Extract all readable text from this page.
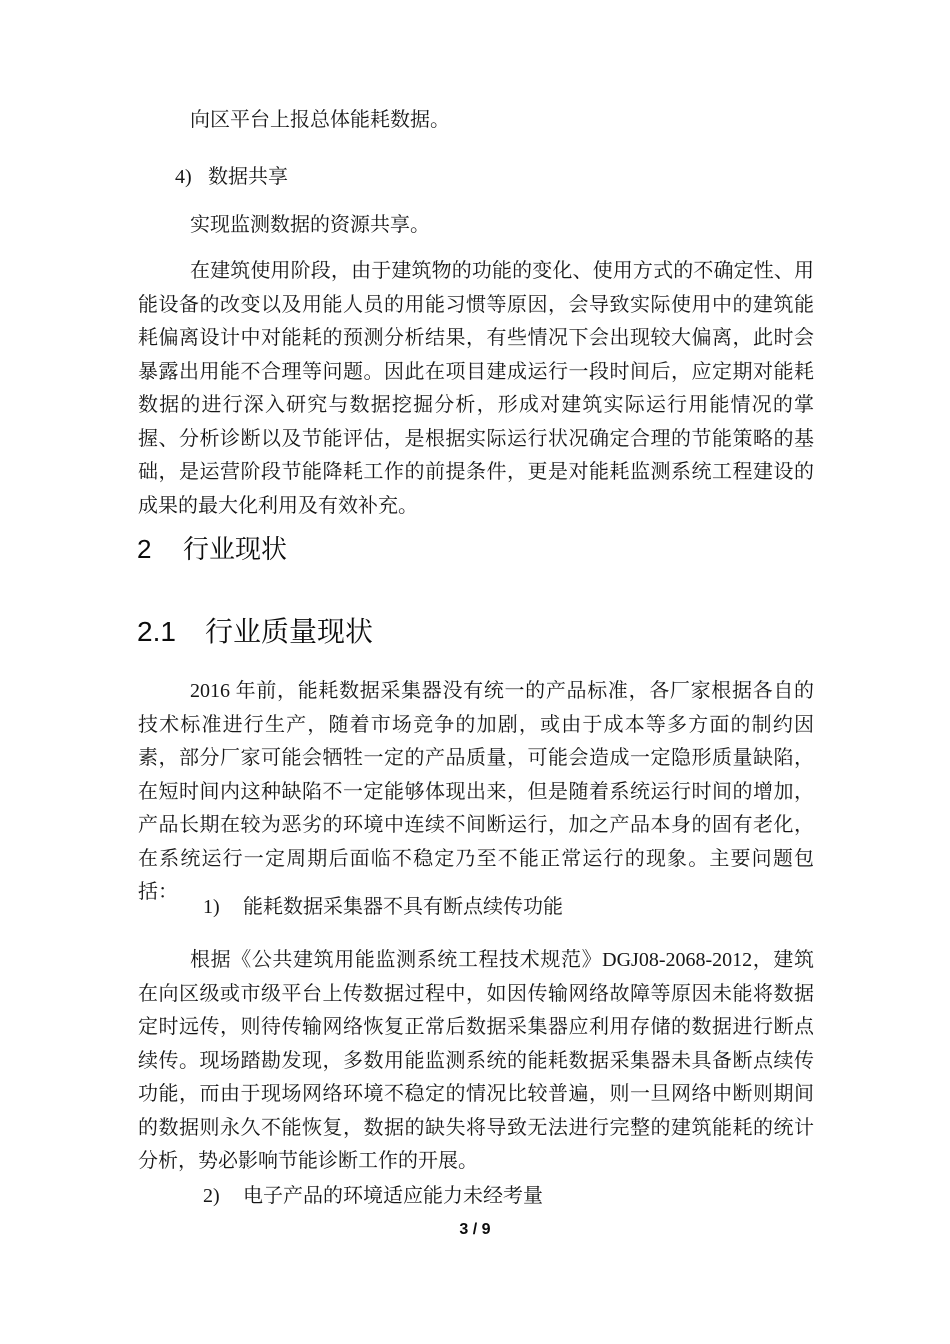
向区平台上报总体能耗数据。
4) 数据共享
实现监测数据的资源共享。
在建筑使用阶段，由于建筑物的功能的变化、使用方式的不确定性、用能设备的改变以及用能人员的用能习惯等原因，会导致实际使用中的建筑能耗偏离设计中对能耗的预测分析结果，有些情况下会出现较大偏离，此时会暴露出用能不合理等问题。因此在项目建成运行一段时间后，应定期对能耗数据的进行深入研究与数据挖掘分析，形成对建筑实际运行用能情况的掌握、分析诊断以及节能评估，是根据实际运行状况确定合理的节能策略的基础，是运营阶段节能降耗工作的前提条件，更是对能耗监测系统工程建设的成果的最大化利用及有效补充。
2 行业现状
2.1 行业质量现状
2016 年前，能耗数据采集器没有统一的产品标准，各厂家根据各自的技术标准进行生产，随着市场竞争的加剧，或由于成本等多方面的制约因素，部分厂家可能会牺牲一定的产品质量，可能会造成一定隐形质量缺陷，在短时间内这种缺陷不一定能够体现出来，但是随着系统运行时间的增加，产品长期在较为恶劣的环境中连续不间断运行，加之产品本身的固有老化，在系统运行一定周期后面临不稳定乃至不能正常运行的现象。主要问题包括：
1) 能耗数据采集器不具有断点续传功能
根据《公共建筑用能监测系统工程技术规范》DGJ08-2068-2012，建筑在向区级或市级平台上传数据过程中，如因传输网络故障等原因未能将数据定时远传，则待传输网络恢复正常后数据采集器应利用存储的数据进行断点续传。现场踏勘发现，多数用能监测系统的能耗数据采集器未具备断点续传功能，而由于现场网络环境不稳定的情况比较普遍，则一旦网络中断则期间的数据则永久不能恢复，数据的缺失将导致无法进行完整的建筑能耗的统计分析，势必影响节能诊断工作的开展。
2) 电子产品的环境适应能力未经考量
3 / 9
